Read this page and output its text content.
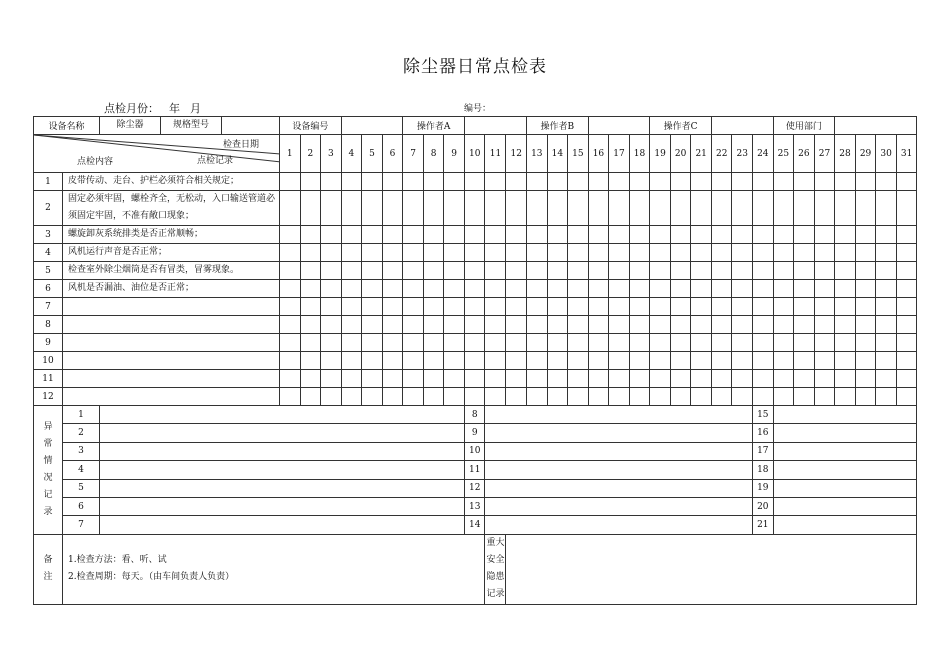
除尘器日常点检表
点检月份： 年 月	编号：
设备名称		除尘器 规格型号	设备编号						操作者A						操作者B						操作者C						使用部门						

检查日期
点检内容 点检记录			1	2	3	4	5	6	7	8	9	10	11	12	13	14	15	16	17	18	19	20	21	22	23	24	25	26	27	28	29	30	31
1	皮带传动、走台、护栏必须符合相关规定；																																
2	固定必须牢固，螺栓齐全，无松动，入口输送管道必须固定牢固，不准有敞口现象；																																
3	螺旋卸灰系统排类是否正常顺畅；																																
4	风机运行声音是否正常；																																
5	检查室外除尘烟筒是否有冒类，冒雾现象。																																
6	风机是否漏油、油位是否正常；																																
7																																	
8																																	
9																																	
10																																	
11																																	
12																																	
异常情况记录	1											8														15							
	2											9														16							
	3											10														17							
	4											11														18							
	5											12														19							
	6											13														20							
	7											14														21							
备注	1.检查方法：看、听、试
2.检查周期：每天。（由车间负责人负责）												重大安全隐患记录																				
